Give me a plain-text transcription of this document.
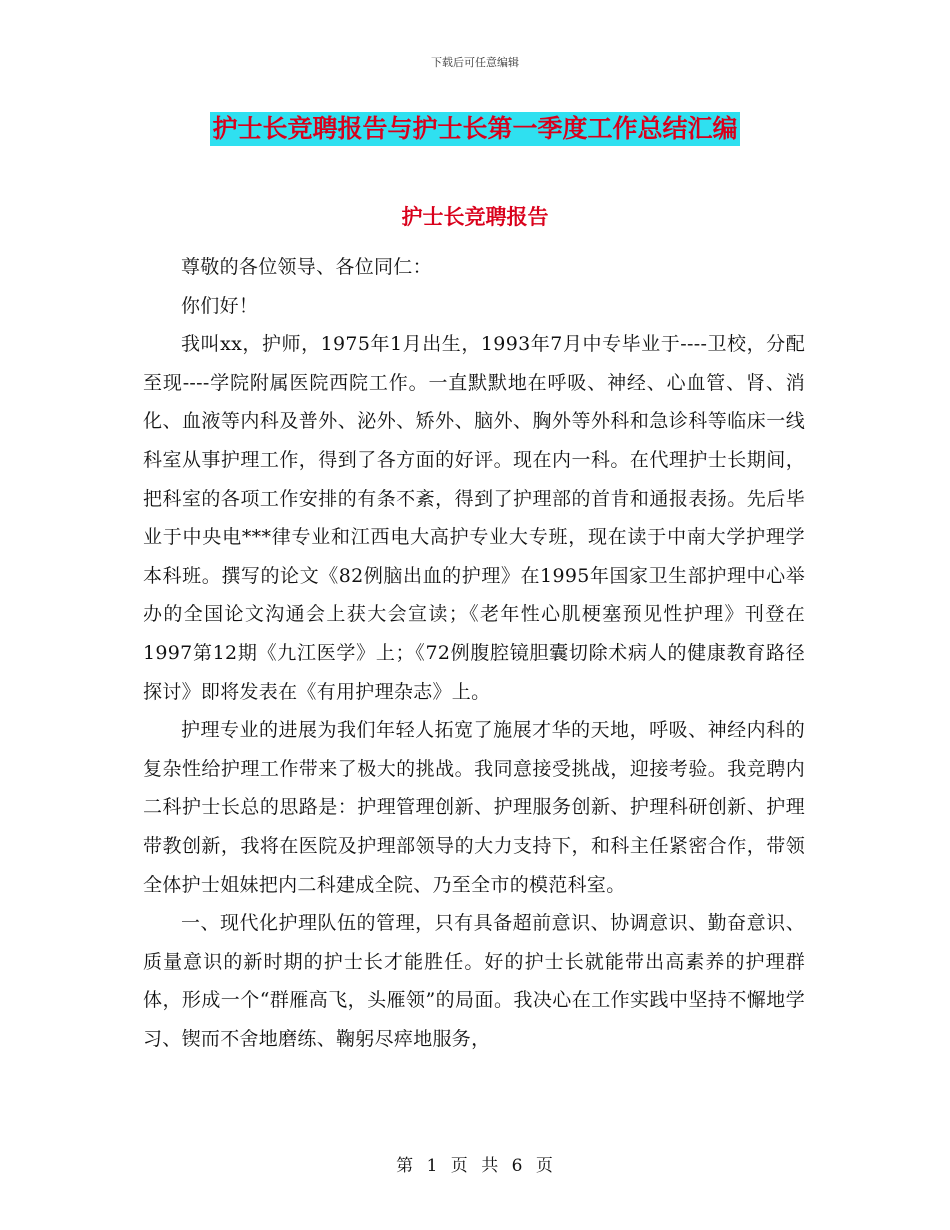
下载后可任意编辑
护士长竞聘报告与护士长第一季度工作总结汇编
护士长竞聘报告

尊敬的各位领导、各位同仁：

你们好！

我叫xx，护师，1975年1月出生，1993年7月中专毕业于----卫校，分配至现----学院附属医院西院工作。一直默默地在呼吸、神经、心血管、肾、消化、血液等内科及普外、泌外、矫外、脑外、胸外等外科和急诊科等临床一线科室从事护理工作，得到了各方面的好评。现在内一科。在代理护士长期间，把科室的各项工作安排的有条不紊，得到了护理部的首肯和通报表扬。先后毕业于中央电***律专业和江西电大高护专业大专班，现在读于中南大学护理学本科班。撰写的论文《82例脑出血的护理》在1995年国家卫生部护理中心举办的全国论文沟通会上获大会宣读；《老年性心肌梗塞预见性护理》刊登在1997第12期《九江医学》上；《72例腹腔镜胆囊切除术病人的健康教育路径探讨》即将发表在《有用护理杂志》上。

护理专业的进展为我们年轻人拓宽了施展才华的天地，呼吸、神经内科的复杂性给护理工作带来了极大的挑战。我同意接受挑战，迎接考验。我竞聘内二科护士长总的思路是：护理管理创新、护理服务创新、护理科研创新、护理带教创新，我将在医院及护理部领导的大力支持下，和科主任紧密合作，带领全体护士姐妹把内二科建成全院、乃至全市的模范科室。

一、现代化护理队伍的管理，只有具备超前意识、协调意识、勤奋意识、质量意识的新时期的护士长才能胜任。好的护士长就能带出高素养的护理群体，形成一个“群雁高飞，头雁领”的局面。我决心在工作实践中坚持不懈地学习、锲而不舍地磨练、鞠躬尽瘁地服务，

第 1 页 共 6 页
